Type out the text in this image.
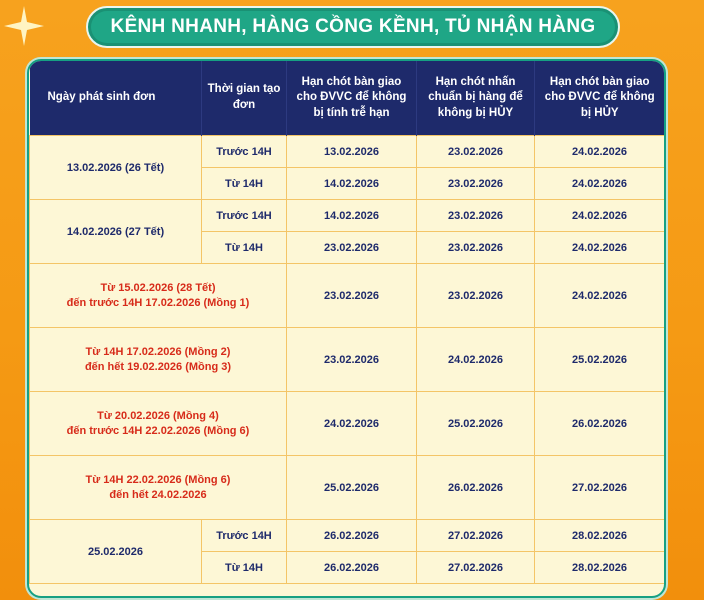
KÊNH NHANH, HÀNG CỒNG KỀNH, TỦ NHẬN HÀNG
Ngày phát sinh đơn	Thời gian tạo đơn	Hạn chót bàn giao cho ĐVVC để không bị tính trễ hạn	Hạn chót nhấn chuẩn bị hàng để không bị HỦY	Hạn chót bàn giao cho ĐVVC để không bị HỦY
13.02.2026 (26 Tết)	Trước 14H	13.02.2026	23.02.2026	24.02.2026
	Từ 14H	14.02.2026	23.02.2026	24.02.2026
14.02.2026 (27 Tết)	Trước 14H	14.02.2026	23.02.2026	24.02.2026
	Từ 14H	23.02.2026	23.02.2026	24.02.2026

Từ 15.02.2026 (28 Tết)
đến trước 14H 17.02.2026 (Mồng 1)		23.02.2026	23.02.2026	24.02.2026

Từ 14H 17.02.2026 (Mồng 2)
đến hết 19.02.2026 (Mồng 3)		23.02.2026	24.02.2026	25.02.2026

Từ 20.02.2026 (Mồng 4)
đến trước 14H 22.02.2026 (Mồng 6)		24.02.2026	25.02.2026	26.02.2026

Từ 14H 22.02.2026 (Mồng 6)
đến hết 24.02.2026		25.02.2026	26.02.2026	27.02.2026
25.02.2026	Trước 14H	26.02.2026	27.02.2026	28.02.2026
	Từ 14H	26.02.2026	27.02.2026	28.02.2026
